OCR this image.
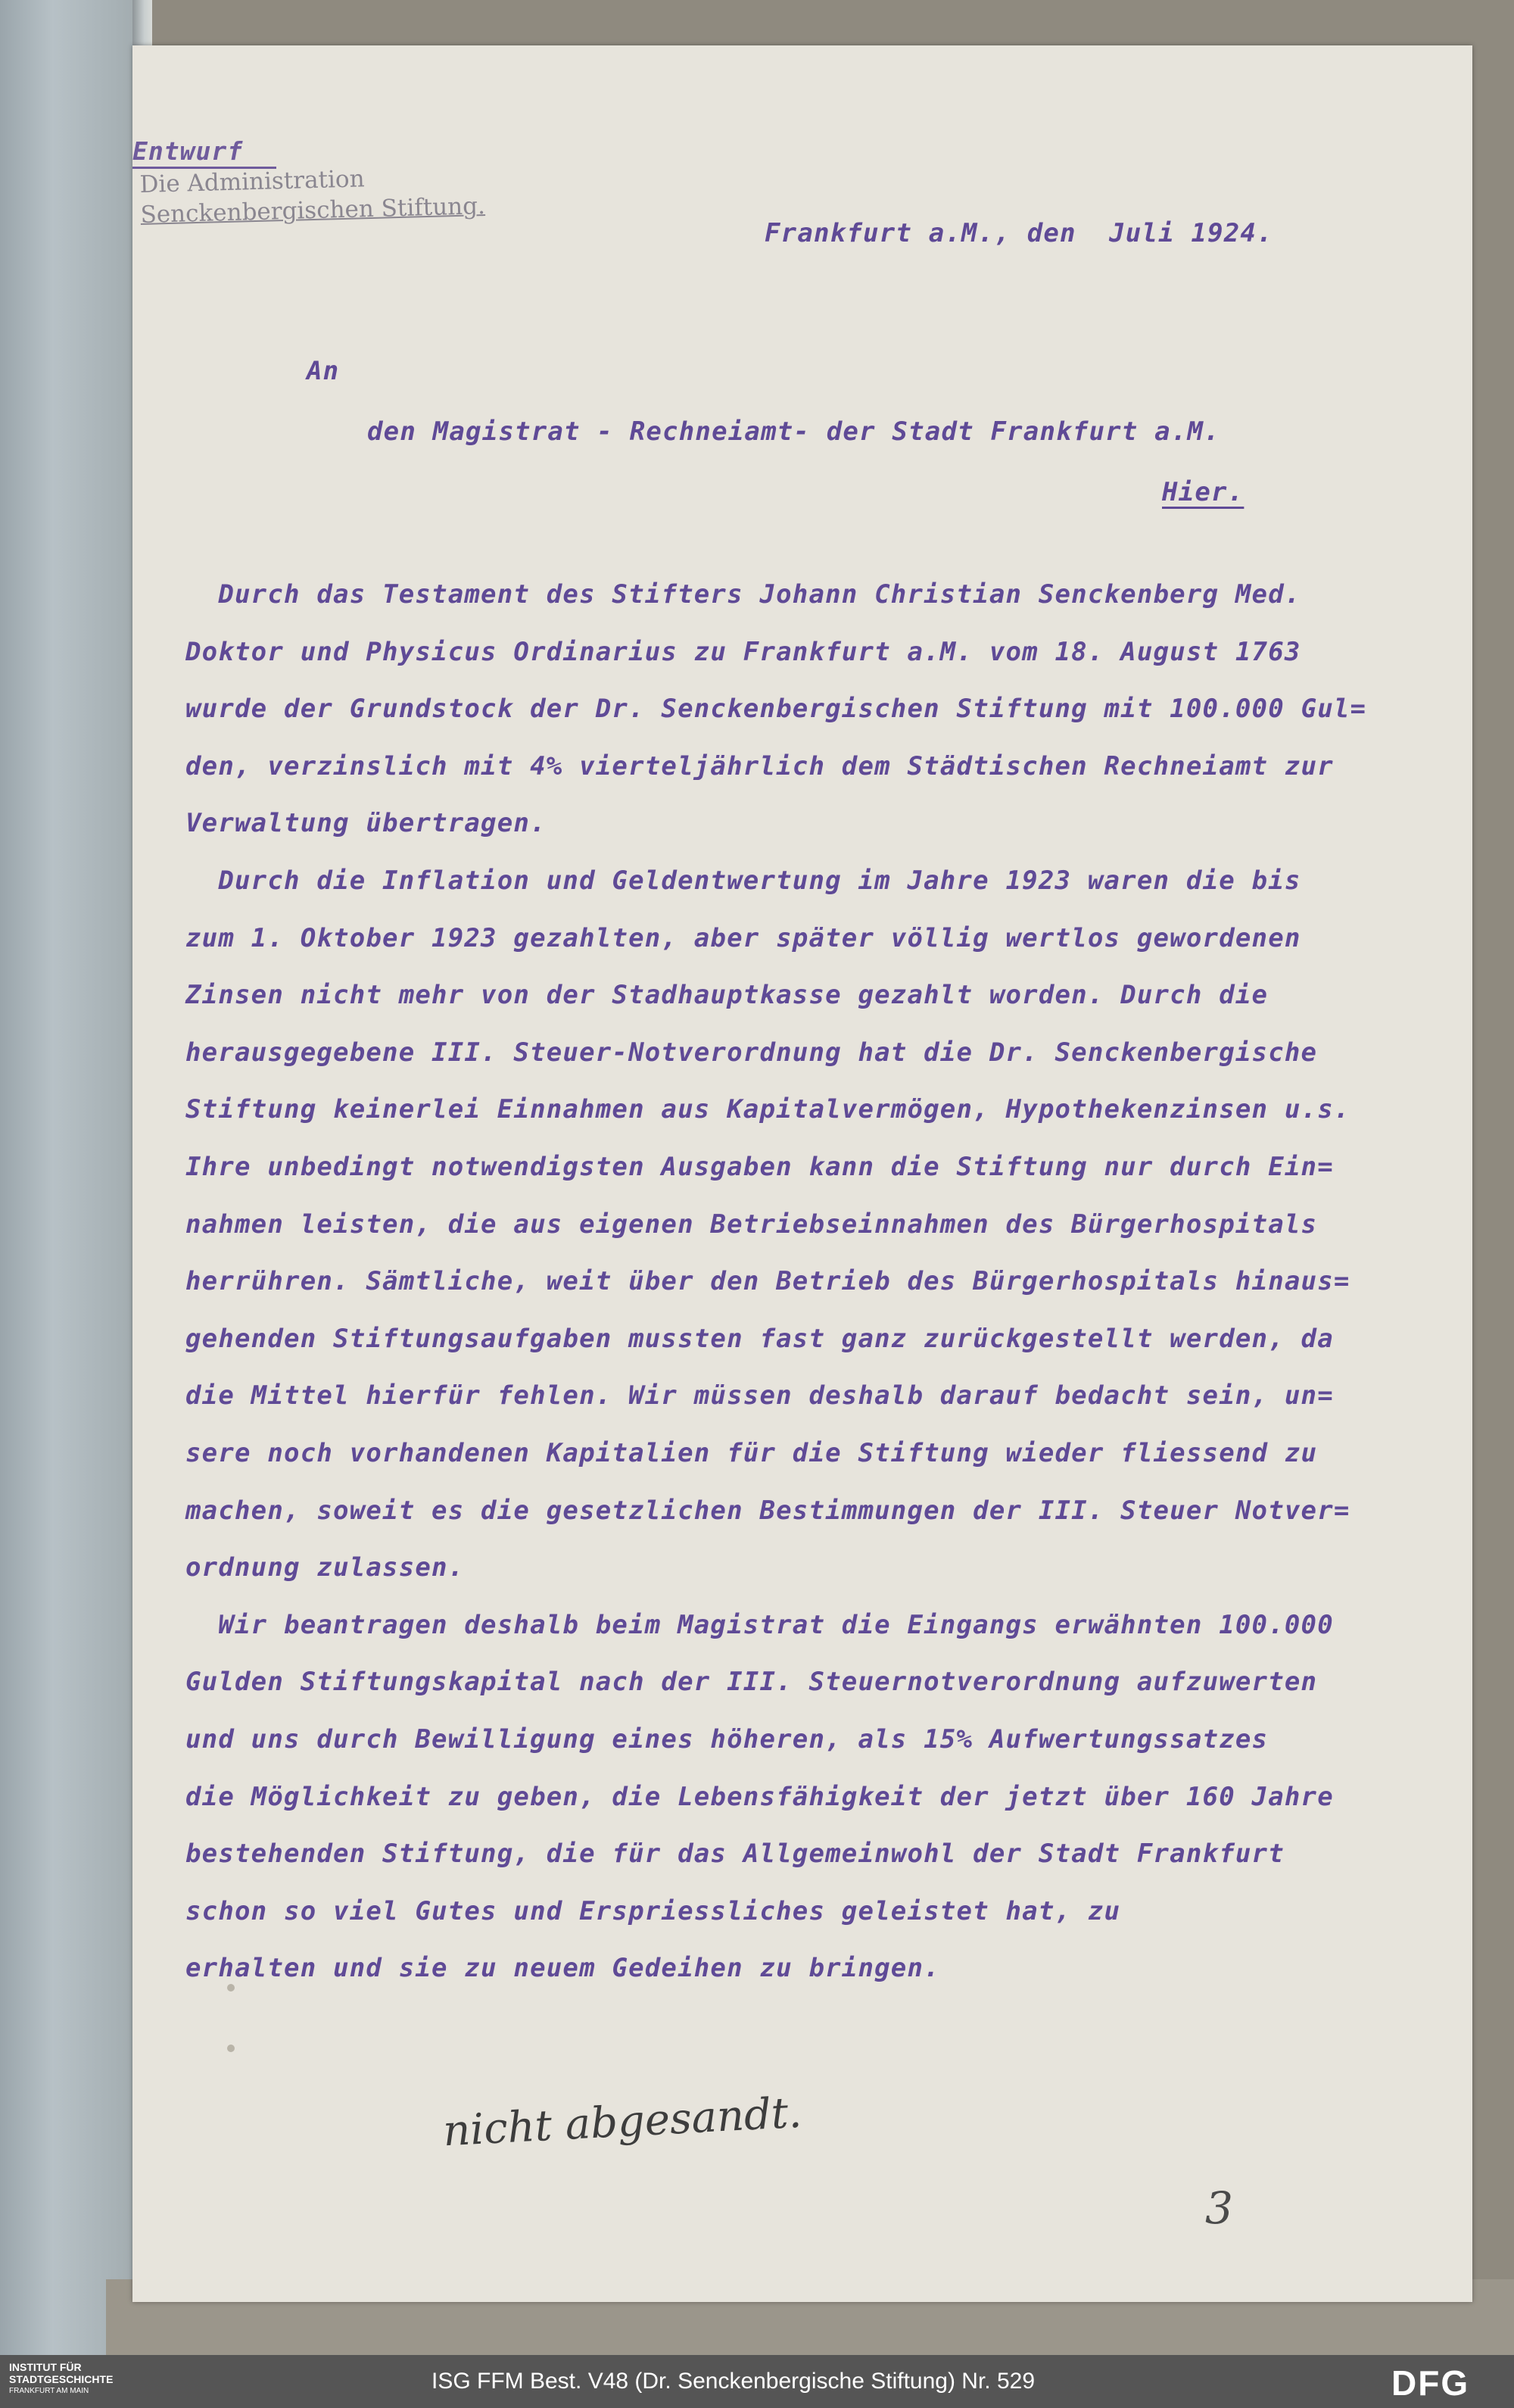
Entwurf
Die Administration
Senckenbergischen Stiftung.
Frankfurt a.M., den  Juli 1924.
An
den Magistrat - Rechneiamt- der Stadt Frankfurt a.M.
Hier.
Durch das Testament des Stifters Johann Christian Senckenberg Med.
Doktor und Physicus Ordinarius zu Frankfurt a.M. vom 18. August 1763
wurde der Grundstock der Dr. Senckenbergischen Stiftung mit 100.000 Gul=
den, verzinslich mit 4% vierteljährlich dem Städtischen Rechneiamt zur
Verwaltung übertragen.
Durch die Inflation und Geldentwertung im Jahre 1923 waren die bis
zum 1. Oktober 1923 gezahlten, aber später völlig wertlos gewordenen
Zinsen nicht mehr von der Stadhauptkasse gezahlt worden. Durch die
herausgegebene III. Steuer-Notverordnung hat die Dr. Senckenbergische
Stiftung keinerlei Einnahmen aus Kapitalvermögen, Hypothekenzinsen u.s.
Ihre unbedingt notwendigsten Ausgaben kann die Stiftung nur durch Ein=
nahmen leisten, die aus eigenen Betriebseinnahmen des Bürgerhospitals
herrühren. Sämtliche, weit über den Betrieb des Bürgerhospitals hinaus=
gehenden Stiftungsaufgaben mussten fast ganz zurückgestellt werden, da
die Mittel hierfür fehlen. Wir müssen deshalb darauf bedacht sein, un=
sere noch vorhandenen Kapitalien für die Stiftung wieder fliessend zu
machen, soweit es die gesetzlichen Bestimmungen der III. Steuer Notver=
ordnung zulassen.
Wir beantragen deshalb beim Magistrat die Eingangs erwähnten 100.000
Gulden Stiftungskapital nach der III. Steuernotverordnung aufzuwerten
und uns durch Bewilligung eines höheren, als 15% Aufwertungssatzes
die Möglichkeit zu geben, die Lebensfähigkeit der jetzt über 160 Jahre
bestehenden Stiftung, die für das Allgemeinwohl der Stadt Frankfurt
schon so viel Gutes und Erspriessliches geleistet hat, zu
erhalten und sie zu neuem Gedeihen zu bringen.
nicht abgesandt.
3
INSTITUT FÜR
STADTGESCHICHTE
FRANKFURT AM MAIN	ISG FFM Best. V48 (Dr. Senckenbergische Stiftung) Nr. 529	DFG
